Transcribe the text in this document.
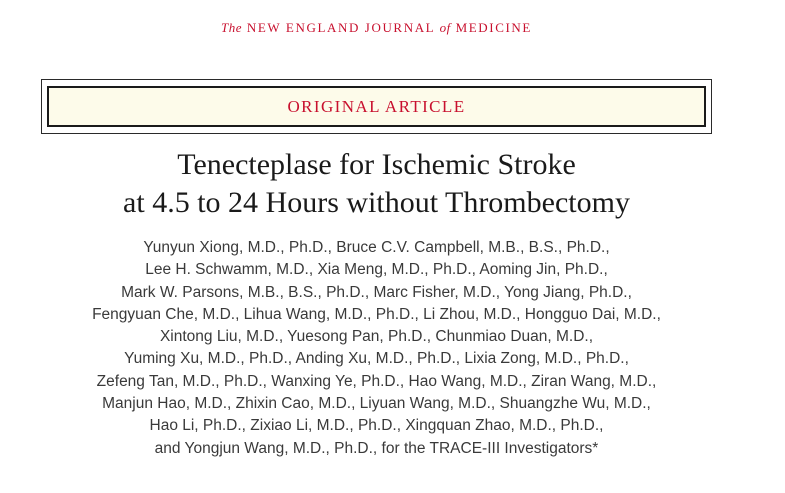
The NEW ENGLAND JOURNAL of MEDICINE
ORIGINAL ARTICLE
Tenecteplase for Ischemic Stroke
at 4.5 to 24 Hours without Thrombectomy
Yunyun Xiong, M.D., Ph.D., Bruce C.V. Campbell, M.B., B.S., Ph.D.,
Lee H. Schwamm, M.D., Xia Meng, M.D., Ph.D., Aoming Jin, Ph.D.,
Mark W. Parsons, M.B., B.S., Ph.D., Marc Fisher, M.D., Yong Jiang, Ph.D.,
Fengyuan Che, M.D., Lihua Wang, M.D., Ph.D., Li Zhou, M.D., Hongguo Dai, M.D.,
Xintong Liu, M.D., Yuesong Pan, Ph.D., Chunmiao Duan, M.D.,
Yuming Xu, M.D., Ph.D., Anding Xu, M.D., Ph.D., Lixia Zong, M.D., Ph.D.,
Zefeng Tan, M.D., Ph.D., Wanxing Ye, Ph.D., Hao Wang, M.D., Ziran Wang, M.D.,
Manjun Hao, M.D., Zhixin Cao, M.D., Liyuan Wang, M.D., Shuangzhe Wu, M.D.,
Hao Li, Ph.D., Zixiao Li, M.D., Ph.D., Xingquan Zhao, M.D., Ph.D.,
and Yongjun Wang, M.D., Ph.D., for the TRACE-III Investigators*
